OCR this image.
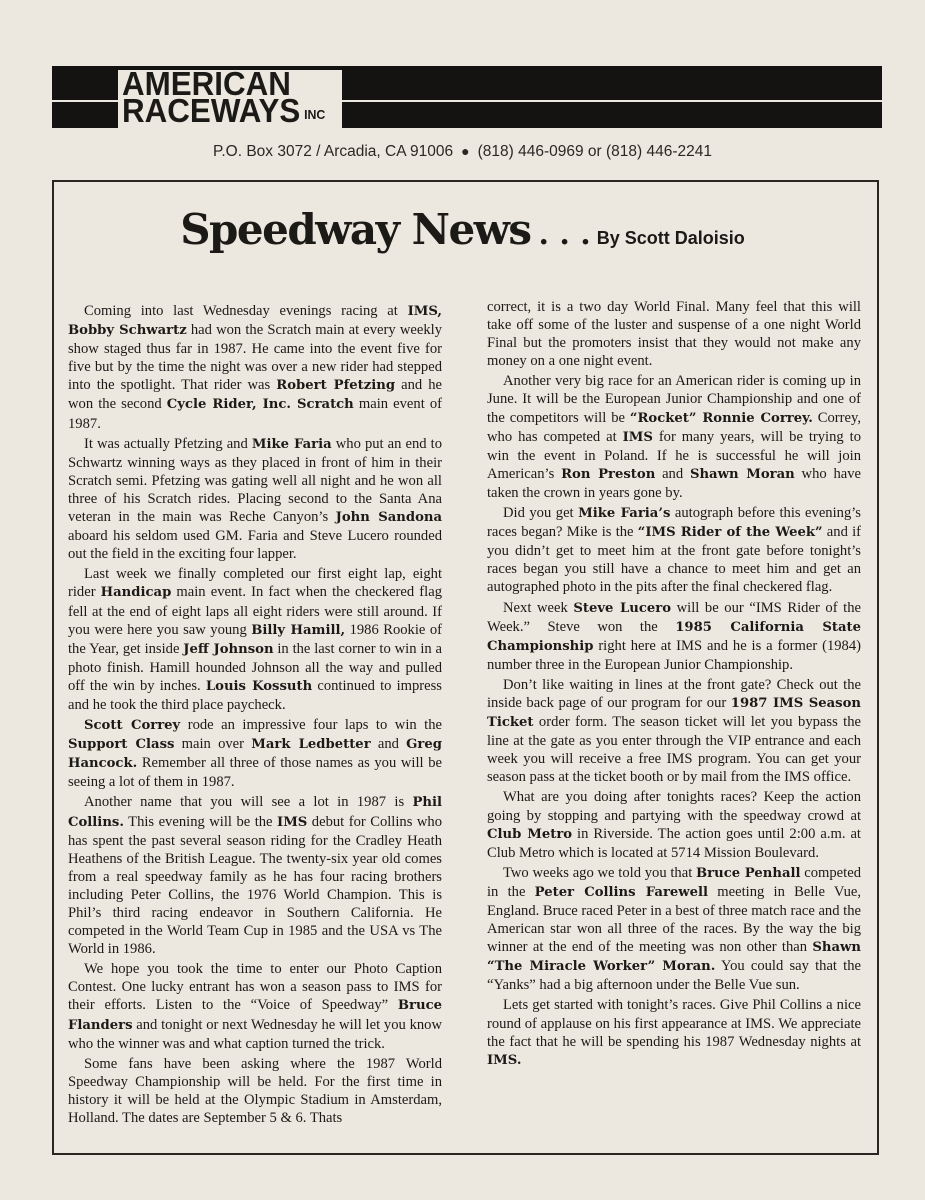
AMERICAN
RACEWAYS INC
P.O. Box 3072 / Arcadia, CA 91006 ● (818) 446-0969 or (818) 446-2241
Speedway News . . . By Scott Daloisio

Coming into last Wednesday evenings racing at IMS, Bobby Schwartz had won the Scratch main at every weekly show staged thus far in 1987. He came into the event five for five but by the time the night was over a new rider had stepped into the spotlight. That rider was Robert Pfetzing and he won the second Cycle Rider, Inc. Scratch main event of 1987.

It was actually Pfetzing and Mike Faria who put an end to Schwartz winning ways as they placed in front of him in their Scratch semi. Pfetzing was gating well all night and he won all three of his Scratch rides. Placing second to the Santa Ana veteran in the main was Reche Canyon’s John Sandona aboard his seldom used GM. Faria and Steve Lucero rounded out the field in the exciting four lapper.

Last week we finally completed our first eight lap, eight rider Handicap main event. In fact when the checkered flag fell at the end of eight laps all eight riders were still around. If you were here you saw young Billy Hamill, 1986 Rookie of the Year, get inside Jeff Johnson in the last corner to win in a photo finish. Hamill hounded Johnson all the way and pulled off the win by inches. Louis Kossuth continued to impress and he took the third place paycheck.

Scott Correy rode an impressive four laps to win the Support Class main over Mark Ledbetter and Greg Hancock. Remember all three of those names as you will be seeing a lot of them in 1987.

Another name that you will see a lot in 1987 is Phil Collins. This evening will be the IMS debut for Collins who has spent the past several season riding for the Cradley Heath Heathens of the British League. The twenty-six year old comes from a real speedway family as he has four racing brothers including Peter Collins, the 1976 World Champion. This is Phil’s third racing endeavor in Southern California. He competed in the World Team Cup in 1985 and the USA vs The World in 1986.

We hope you took the time to enter our Photo Caption Contest. One lucky entrant has won a season pass to IMS for their efforts. Listen to the “Voice of Speedway” Bruce Flanders and tonight or next Wednesday he will let you know who the winner was and what caption turned the trick.

Some fans have been asking where the 1987 World Speedway Championship will be held. For the first time in history it will be held at the Olympic Stadium in Amsterdam, Holland. The dates are September 5 & 6. Thats

correct, it is a two day World Final. Many feel that this will take off some of the luster and suspense of a one night World Final but the promoters insist that they would not make any money on a one night event.

Another very big race for an American rider is coming up in June. It will be the European Junior Championship and one of the competitors will be “Rocket” Ronnie Correy. Correy, who has competed at IMS for many years, will be trying to win the event in Poland. If he is successful he will join American’s Ron Preston and Shawn Moran who have taken the crown in years gone by.

Did you get Mike Faria’s autograph before this evening’s races began? Mike is the “IMS Rider of the Week” and if you didn’t get to meet him at the front gate before tonight’s races began you still have a chance to meet him and get an autographed photo in the pits after the final checkered flag.

Next week Steve Lucero will be our “IMS Rider of the Week.” Steve won the 1985 California State Championship right here at IMS and he is a former (1984) number three in the European Junior Championship.

Don’t like waiting in lines at the front gate? Check out the inside back page of our program for our 1987 IMS Season Ticket order form. The season ticket will let you bypass the line at the gate as you enter through the VIP entrance and each week you will receive a free IMS program. You can get your season pass at the ticket booth or by mail from the IMS office.

What are you doing after tonights races? Keep the action going by stopping and partying with the speedway crowd at Club Metro in Riverside. The action goes until 2:00 a.m. at Club Metro which is located at 5714 Mission Boulevard.

Two weeks ago we told you that Bruce Penhall competed in the Peter Collins Farewell meeting in Belle Vue, England. Bruce raced Peter in a best of three match race and the American star won all three of the races. By the way the big winner at the end of the meeting was non other than Shawn “The Miracle Worker” Moran. You could say that the “Yanks” had a big afternoon under the Belle Vue sun.

Lets get started with tonight’s races. Give Phil Collins a nice round of applause on his first appearance at IMS. We appreciate the fact that he will be spending his 1987 Wednesday nights at IMS.
